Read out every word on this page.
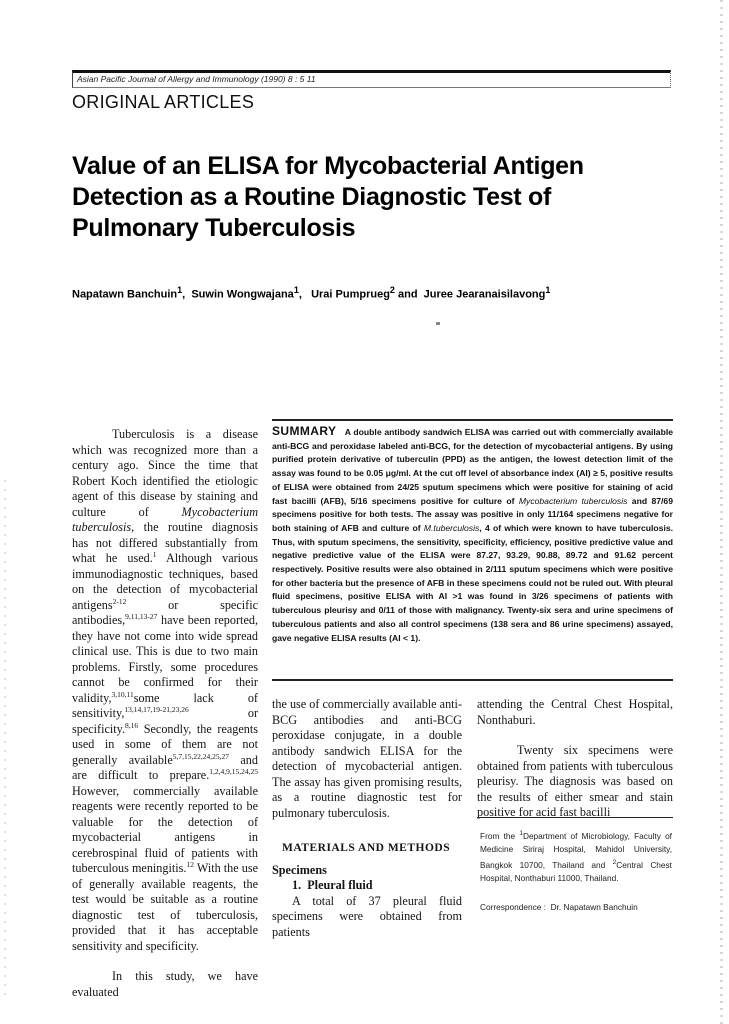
Asian Pacific Journal of Allergy and Immunology (1990) 8 : 5 11
ORIGINAL ARTICLES
Value of an ELISA for Mycobacterial Antigen
Detection as a Routine Diagnostic Test of
Pulmonary Tuberculosis
Napatawn Banchuin$^1$,  Suwin Wongwajana$^1$,   Urai Pumprueg$^2$ and  Juree Jearanaisilavong$^1$
SUMMARY A double antibody sandwich ELISA was carried out with commercially available anti-BCG and peroxidase labeled anti-BCG, for the detection of mycobacterial antigens. By using purified protein derivative of tuberculin (PPD) as the antigen, the lowest detection limit of the assay was found to be 0.05 μg/ml. At the cut off level of absorbance index (AI) ≥ 5, positive results of ELISA were obtained from 24/25 sputum specimens which were positive for staining of acid fast bacilli (AFB), 5/16 specimens positive for culture of Mycobacterium tuberculosis and 87/69 specimens positive for both tests. The assay was positive in only 11/164 specimens negative for both staining of AFB and culture of M.tuberculosis, 4 of which were known to have tuberculosis. Thus, with sputum specimens, the sensitivity, specificity, efficiency, positive predictive value and negative predictive value of the ELISA were 87.27, 93.29, 90.88, 89.72 and 91.62 percent respectively. Positive results were also obtained in 2/111 sputum specimens which were positive for other bacteria but the presence of AFB in these specimens could not be ruled out. With pleural fluid specimens, positive ELISA with AI >1 was found in 3/26 specimens of patients with tuberculous pleurisy and 0/11 of those with malignancy. Twenty-six sera and urine specimens of tuberculous patients and also all control specimens (138 sera and 86 urine specimens) assayed, gave negative ELISA results (AI < 1).

Tuberculosis is a disease which was recognized more than a century ago. Since the time that Robert Koch identified the etiologic agent of this disease by staining and culture of Mycobacterium tuberculosis, the routine diagnosis has not differed substantially from what he used.$^1$ Although various immunodiagnostic techniques, based on the detection of mycobacterial antigens$^{2-12}$ or specific antibodies,$^{9,11,13-27}$ have been reported, they have not come into wide spread clinical use. This is due to two main problems. Firstly, some procedures cannot be confirmed for their validity,$^{3,10,11}$some lack of sensitivity,$^{13,14,17,19-21,23,26}$ or specificity.$^{8,16}$ Secondly, the reagents used in some of them are not generally available$^{5,7,15,22,24,25,27}$ and are difficult to prepare.$^{1,2,4,9,15,24,25}$ However, commercially available reagents were recently reported to be valuable for the detection of mycobacterial antigens in cerebrospinal fluid of patients with tuberculous meningitis.$^{12}$ With the use of generally available reagents, the test would be suitable as a routine diagnostic test of tuberculosis, provided that it has acceptable sensitivity and specificity.

In this study, we have evaluated

the use of commercially available anti-BCG antibodies and anti-BCG peroxidase conjugate, in a double antibody sandwich ELISA for the detection of mycobacterial antigen. The assay has given promising results, as a routine diagnostic test for pulmonary tuberculosis.

MATERIALS AND METHODS

Specimens

1.  Pleural fluid

A total of 37 pleural fluid specimens were obtained from patients

attending the Central Chest Hospital, Nonthaburi.

Twenty six specimens were obtained from patients with tuberculous pleurisy. The diagnosis was based on the results of either smear and stain positive for acid fast bacilli

From the $^1$Department of Microbiology, Faculty of Medicine Siriraj Hospital, Mahidol University, Bangkok 10700, Thailand and $^2$Central Chest Hospital, Nonthaburi 11000, Thailand.
Correspondence :  Dr. Napatawn Banchuin
